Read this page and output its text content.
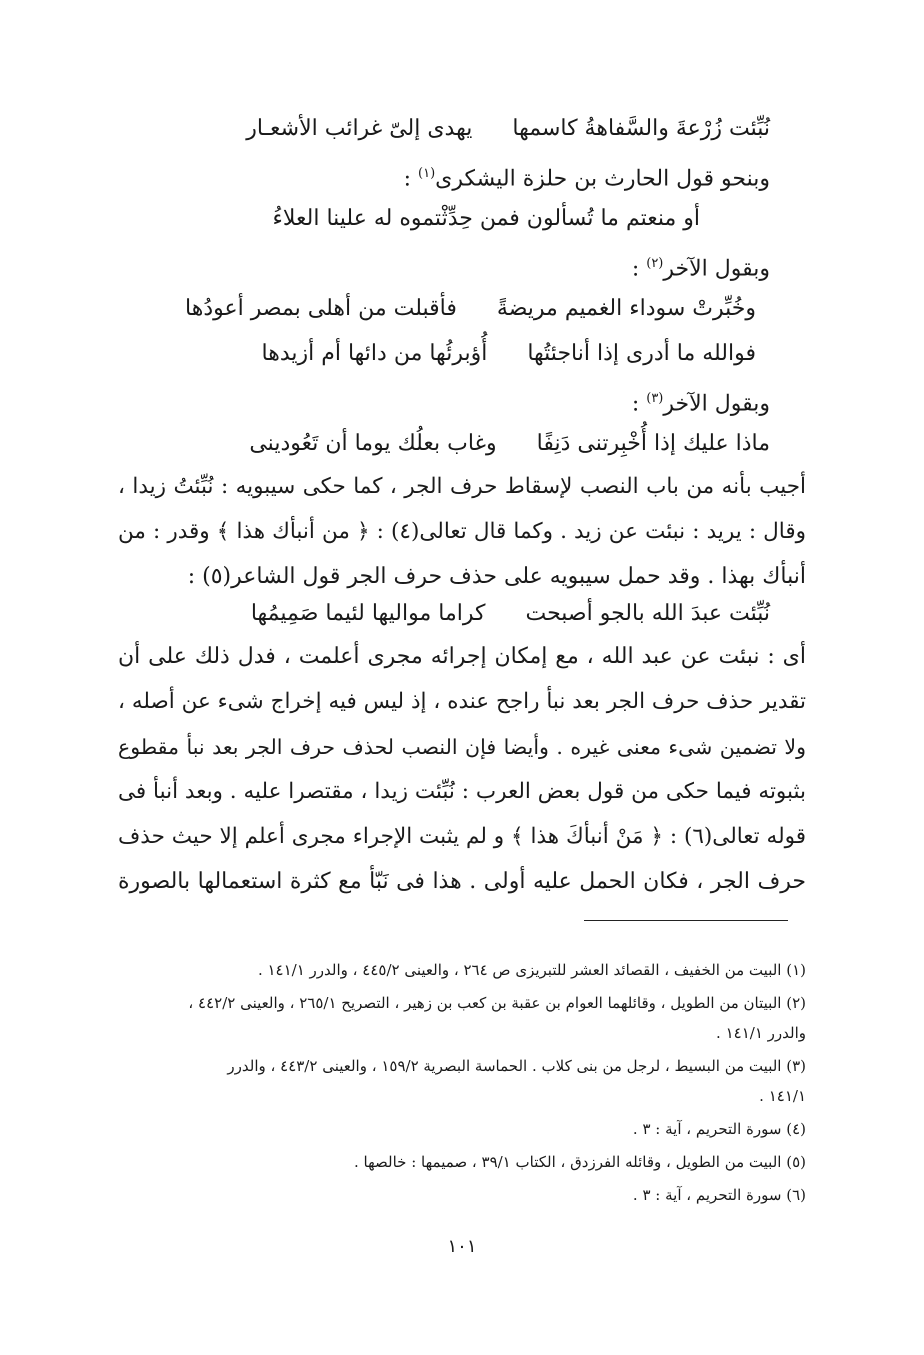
نُبِّئت زُرْعةَ والسَّفاهةُ كاسمها
يهدى إلىّ غرائب الأشعـار
وبنحو قول الحارث بن حلزة اليشكرى$^{(١)}$ :
أو منعتم ما تُسألون فمن حِدِّثْتموه له علينا العلاءُ
وبقول الآخر$^{(٢)}$ :
وخُبِّرتْ سوداء الغميم مريضةً
فأقبلت من أهلى بمصر أعودُها
فوالله ما أدرى إذا أناجئتُها
أُؤبرئُها من دائها أم أزيدها
وبقول الآخر$^{(٣)}$ :
ماذا عليك إذا أُخْبِرتنى دَنِفًا
وغاب بعلُك يوما أن تَعُودينى
أجيب بأنه من باب النصب لإسقاط حرف الجر ، كما حكى سيبويه : نُبِّئتُ زيدا ،
وقال : يريد : نبئت عن زيد . وكما قال تعالى(٤) : ﴿ من أنبأك هذا ﴾ وقدر : من
أنبأك بهذا . وقد حمل سيبويه على حذف حرف الجر قول الشاعر(٥) :
نُبِّئت عبدَ الله بالجو أصبحت
كراما مواليها لئيما صَمِيمُها
أى : نبئت عن عبد الله ، مع إمكان إجرائه مجرى أعلمت ، فدل ذلك على أن
تقدير حذف حرف الجر بعد نبأ راجح عنده ، إذ ليس فيه إخراج شىء عن أصله ،
ولا تضمين شىء معنى غيره . وأيضا فإن النصب لحذف حرف الجر بعد نبأ مقطوع
بثبوته فيما حكى من قول بعض العرب : نُبِّئت زيدا ، مقتصرا عليه . وبعد أنبأ فى
قوله تعالى(٦) : ﴿ مَنْ أنبأكَ هذا ﴾ و لم يثبت الإجراء مجرى أعلم إلا حيث حذف
حرف الجر ، فكان الحمل عليه أولى . هذا فى نَبّأ مع كثرة استعمالها بالصورة
(١) البيت من الخفيف ، القصائد العشر للتبريزى ص ٢٦٤ ، والعينى ٤٤٥/٢ ، والدرر ١٤١/١ .
(٢) البيتان من الطويل ، وقائلهما العوام بن عقبة بن كعب بن زهير ، التصريح ٢٦٥/١ ، والعينى ٤٤٢/٢ ،
والدرر ١٤١/١ .
(٣) البيت من البسيط ، لرجل من بنى كلاب . الحماسة البصرية ١٥٩/٢ ، والعينى ٤٤٣/٢ ، والدرر
١٤١/١ .
(٤) سورة التحريم ، آية : ٣ .
(٥) البيت من الطويل ، وقائله الفرزدق ، الكتاب ٣٩/١ ، صميمها : خالصها .
(٦) سورة التحريم ، آية : ٣ .
١٠١
